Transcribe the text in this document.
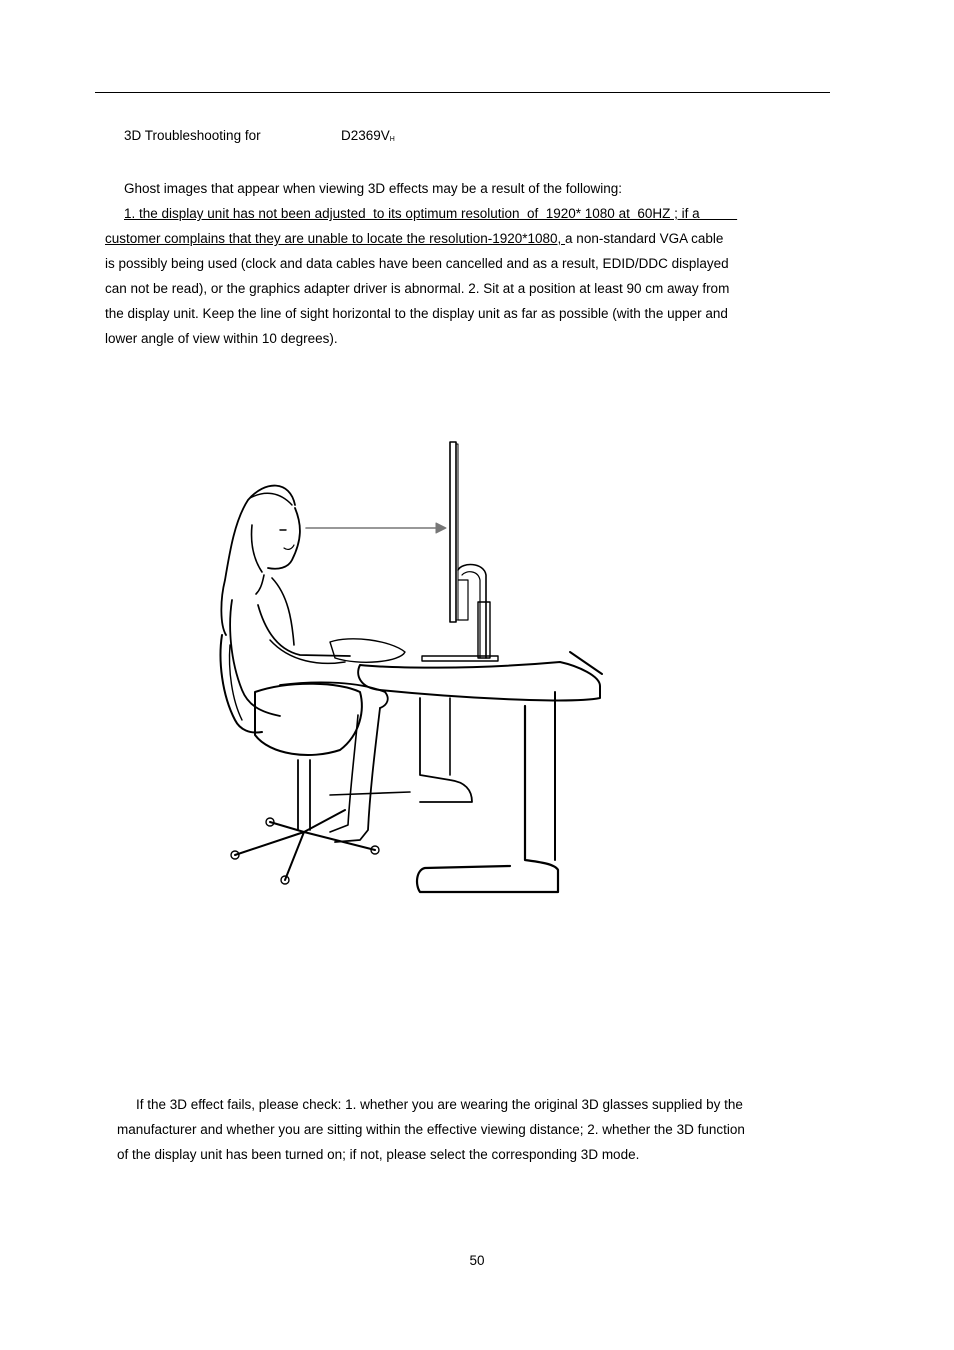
3D Troubleshooting for	$D2369V_H$
Ghost images that appear when viewing 3D effects may be a result of the following:
1. the display unit has not been adjusted  to its optimum resolution  of  1920* 1080 at  60HZ ; if a
customer complains that they are unable to locate the resolution-1920*1080, a non-standard VGA cable
is possibly being used (clock and data cables have been cancelled and as a result, EDID/DDC displayed
can not be read), or the graphics adapter driver is abnormal. 2. Sit at a position at least 90 cm away from
the display unit. Keep the line of sight horizontal to the display unit as far as possible (with the upper and
lower angle of view within 10 degrees).
If the 3D effect fails, please check: 1. whether you are wearing the original 3D glasses supplied by the
manufacturer and whether you are sitting within the effective viewing distance; 2. whether the 3D function
of the display unit has been turned on; if not, please select the corresponding 3D mode.
50
